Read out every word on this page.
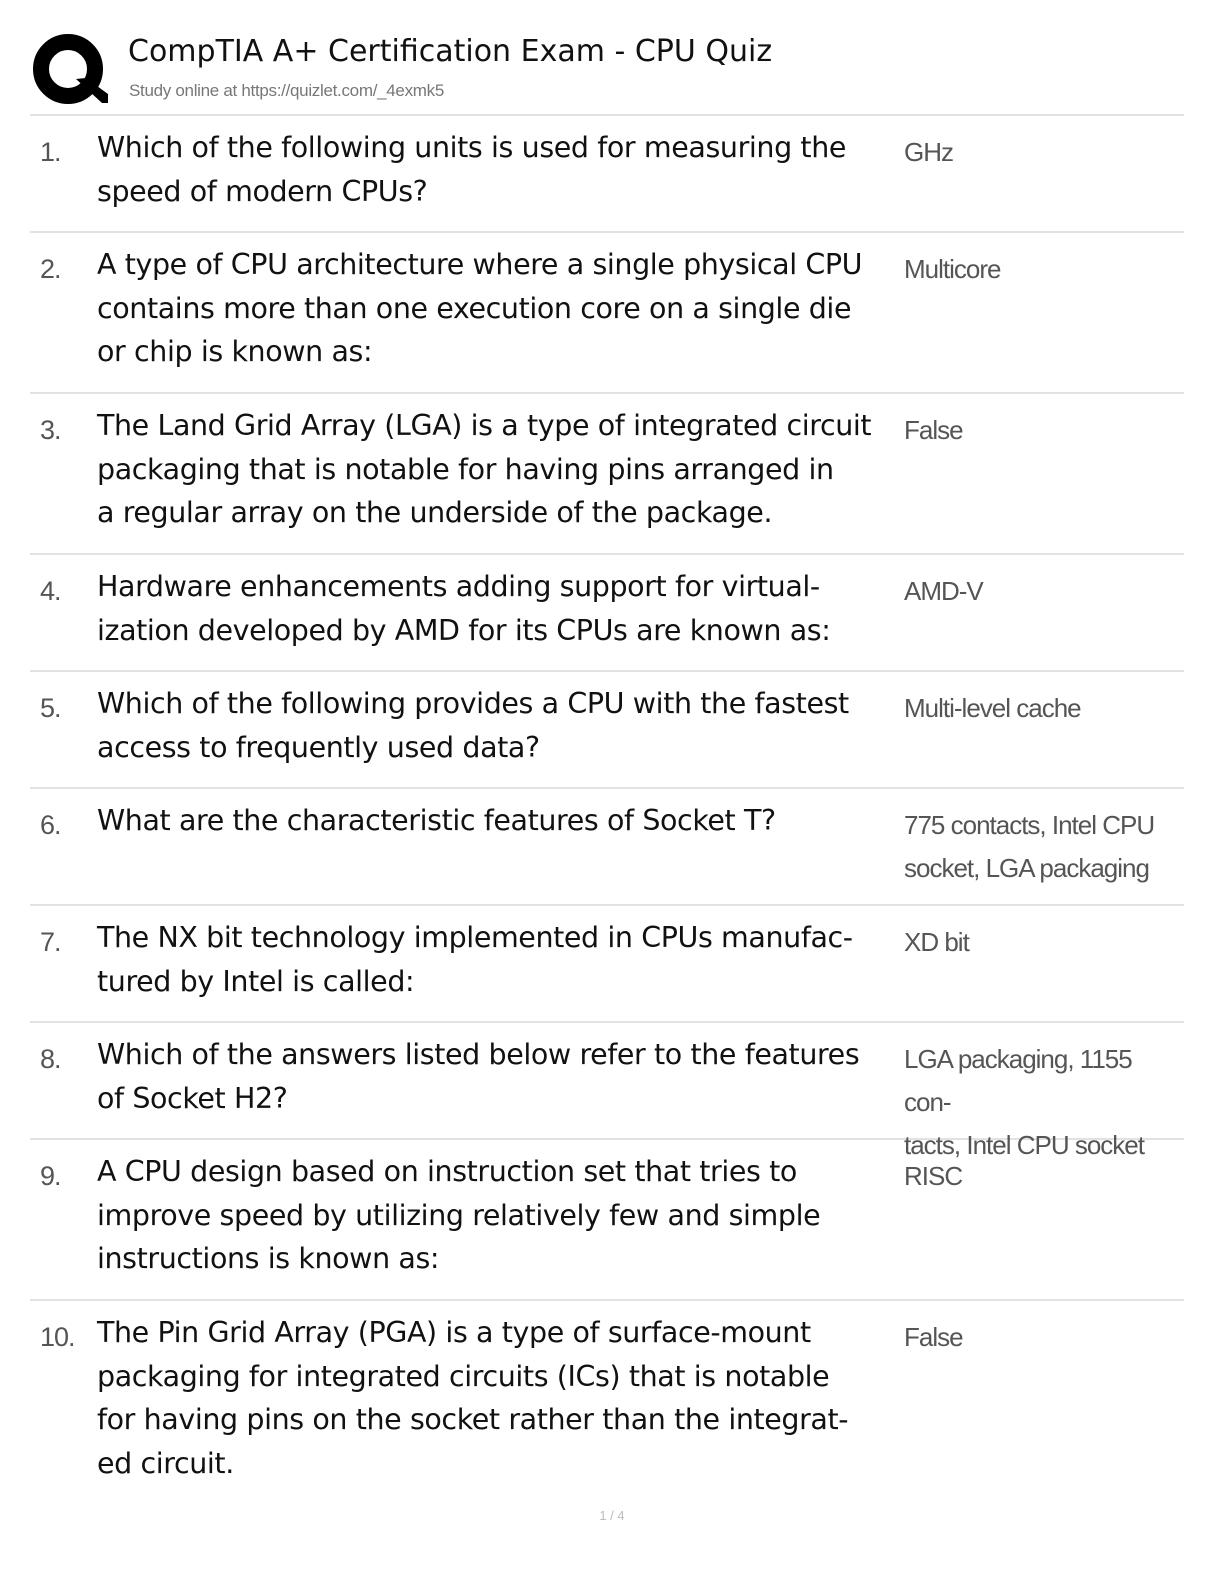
CompTIA A+ Certification Exam - CPU Quiz
Study online at https://quizlet.com/_4exmk5
1. Which of the following units is used for measuring the
speed of modern CPUs?
GHz
2. A type of CPU architecture where a single physical CPU
contains more than one execution core on a single die
or chip is known as:
Multicore
3. The Land Grid Array (LGA) is a type of integrated circuit
packaging that is notable for having pins arranged in
a regular array on the underside of the package.
False
4. Hardware enhancements adding support for virtual-
ization developed by AMD for its CPUs are known as:
AMD-V
5. Which of the following provides a CPU with the fastest
access to frequently used data?
Multi-level cache
6. What are the characteristic features of Socket T?	775 contacts, Intel CPU
socket, LGA packaging
7. The NX bit technology implemented in CPUs manufac-
tured by Intel is called:
XD bit
8. Which of the answers listed below refer to the features
of Socket H2?
LGA packaging, 1155 con-
tacts, Intel CPU socket
9. A CPU design based on instruction set that tries to
improve speed by utilizing relatively few and simple
instructions is known as:
RISC
10. The Pin Grid Array (PGA) is a type of surface-mount
packaging for integrated circuits (ICs) that is notable
for having pins on the socket rather than the integrat-
ed circuit.
False
1 / 4
